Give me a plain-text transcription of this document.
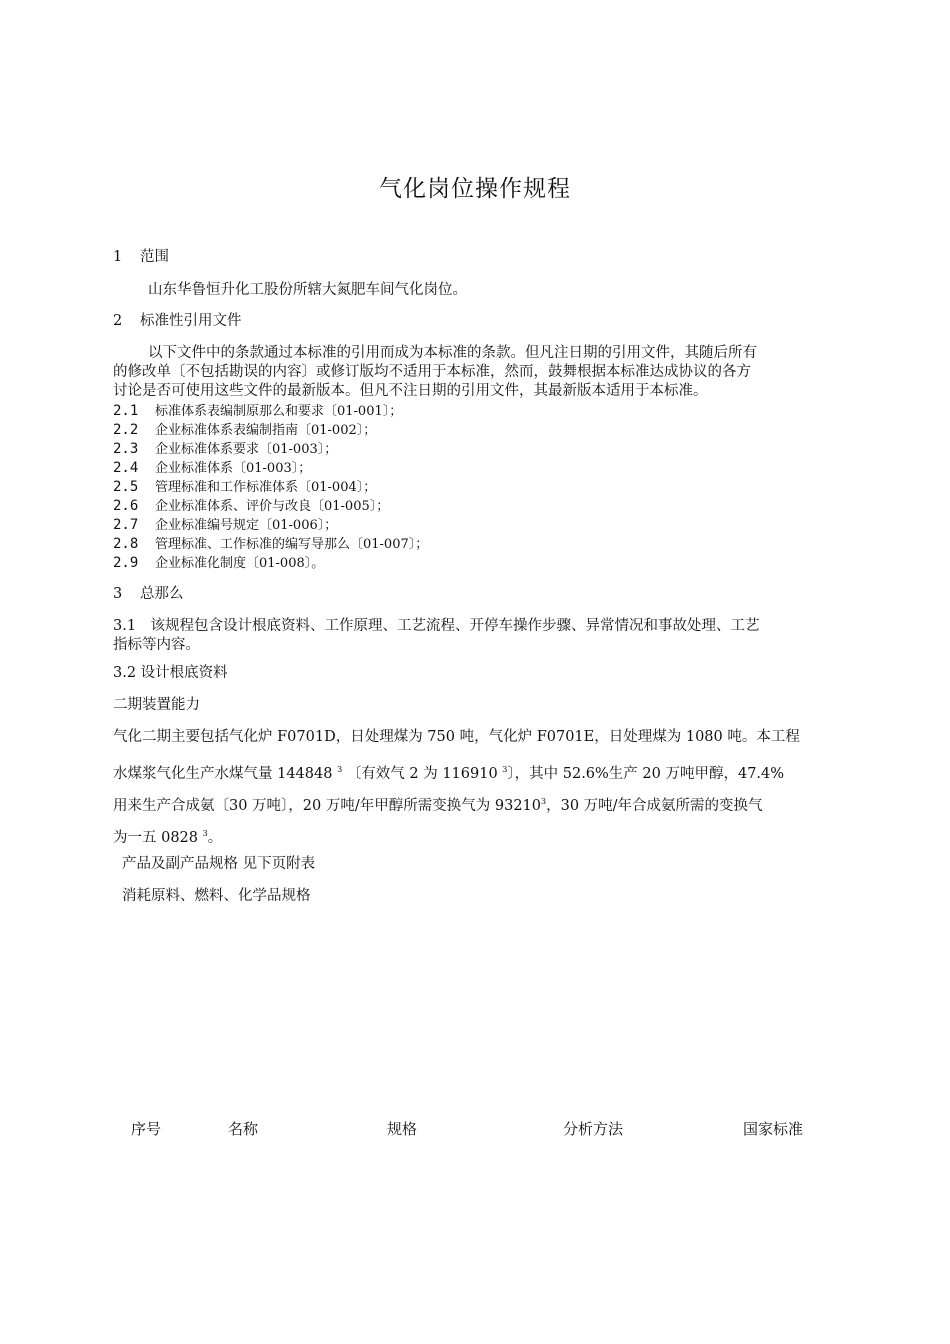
气化岗位操作规程
1 范围
山东华鲁恒升化工股份所辖大氮肥车间气化岗位。
2 标准性引用文件
以下文件中的条款通过本标准的引用而成为本标准的条款。但凡注日期的引用文件，其随后所有
的修改单〔不包括勘误的内容〕或修订版均不适用于本标准，然而，鼓舞根据本标准达成协议的各方
讨论是否可使用这些文件的最新版本。但凡不注日期的引用文件，其最新版本适用于本标准。
2.1 标准体系表编制原那么和要求〔01-001〕；
2.2 企业标准体系表编制指南〔01-002〕；
2.3 企业标准体系要求〔01-003〕；
2.4 企业标准体系〔01-003〕；
2.5 管理标准和工作标准体系〔01-004〕；
2.6 企业标准体系、评价与改良〔01-005〕；
2.7 企业标准编号规定〔01-006〕；
2.8 管理标准、工作标准的编写导那么〔01-007〕；
2.9 企业标准化制度〔01-008〕。
3 总那么
3.1　该规程包含设计根底资料、工作原理、工艺流程、开停车操作步骤、异常情况和事故处理、工艺
指标等内容。
3.2 设计根底资料
二期装置能力
气化二期主要包括气化炉 F0701D，日处理煤为 750 吨，气化炉 F0701E，日处理煤为 1080 吨。本工程
水煤浆气化生产水煤气量 144848 $^3$ 〔有效气 2 为 116910 $^3$〕，其中 52.6%生产 20 万吨甲醇，47.4%
用来生产合成氨〔30 万吨〕，20 万吨/年甲醇所需变换气为 93210$^3$，30 万吨/年合成氨所需的变换气
为一五 0828 $^3$。
产品及副产品规格 见下页附表
消耗原料、燃料、化学品规格
序号	名称	规格	分析方法	国家标准
